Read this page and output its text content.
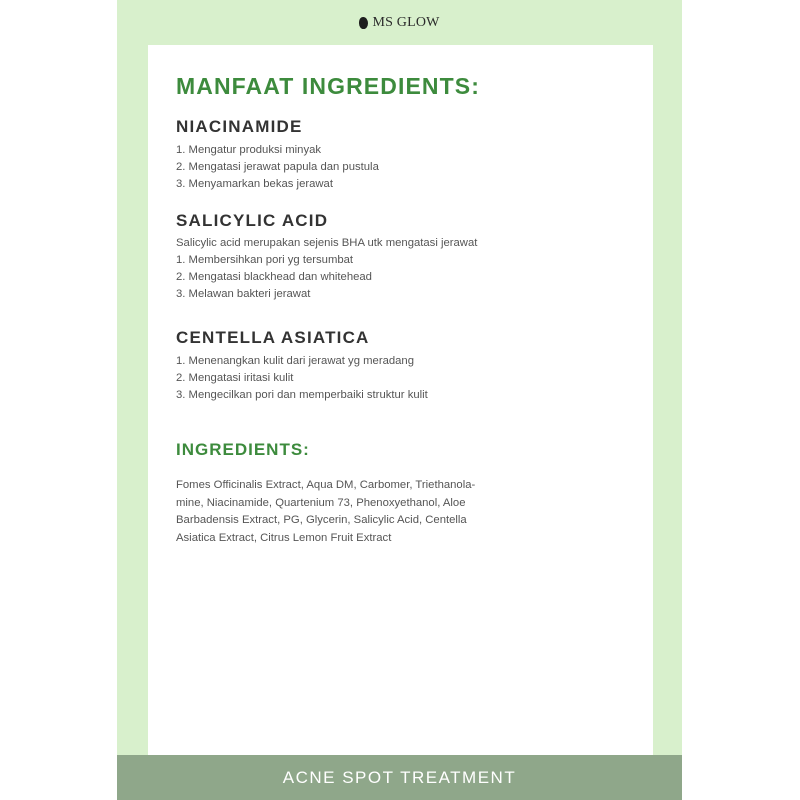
MS GLOW
MANFAAT INGREDIENTS:
NIACINAMIDE

1. Mengatur produksi minyak

2. Mengatasi jerawat papula dan pustula

3. Menyamarkan bekas jerawat

SALICYLIC ACID

Salicylic acid merupakan sejenis BHA utk mengatasi jerawat

1. Membersihkan pori yg tersumbat

2. Mengatasi blackhead dan whitehead

3. Melawan bakteri jerawat

CENTELLA ASIATICA

1. Menenangkan kulit dari jerawat yg meradang

2. Mengatasi iritasi kulit

3. Mengecilkan pori dan memperbaiki struktur kulit

INGREDIENTS:

Fomes Officinalis Extract, Aqua DM, Carbomer, Triethanola-

mine, Niacinamide, Quartenium 73, Phenoxyethanol, Aloe

Barbadensis Extract, PG, Glycerin, Salicylic Acid, Centella

Asiatica Extract, Citrus Lemon Fruit Extract

ACNE SPOT TREATMENT
